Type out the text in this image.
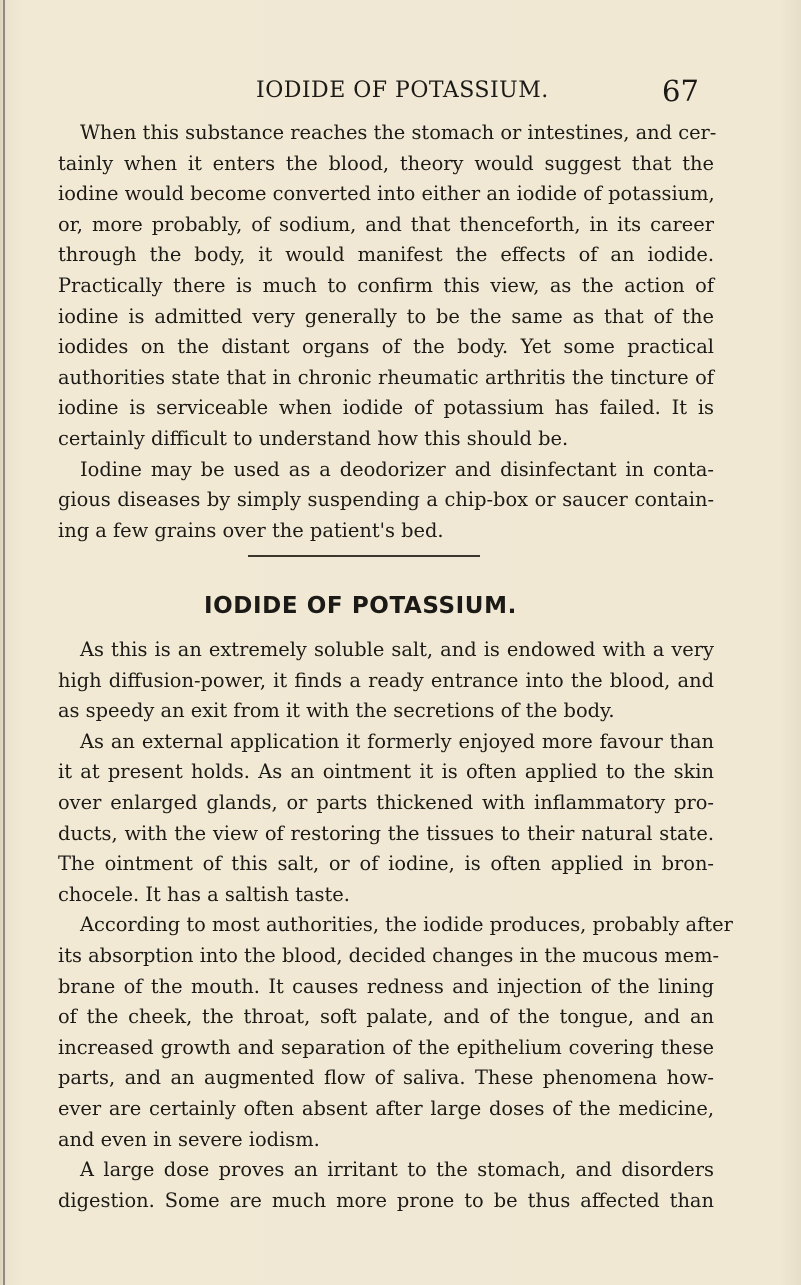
IODIDE OF POTASSIUM.	67
When this substance reaches the stomach or intestines, and cer-
tainly when it enters the blood, theory would suggest that the
iodine would become converted into either an iodide of potassium,
or, more probably, of sodium, and that thenceforth, in its career
through the body, it would manifest the effects of an iodide.
Practically there is much to confirm this view, as the action of
iodine is admitted very generally to be the same as that of the
iodides on the distant organs of the body. Yet some practical
authorities state that in chronic rheumatic arthritis the tincture of
iodine is serviceable when iodide of potassium has failed. It is
certainly difficult to understand how this should be.
Iodine may be used as a deodorizer and disinfectant in conta-
gious diseases by simply suspending a chip-box or saucer contain-
ing a few grains over the patient's bed.
IODIDE OF POTASSIUM.
As this is an extremely soluble salt, and is endowed with a very
high diffusion-power, it finds a ready entrance into the blood, and
as speedy an exit from it with the secretions of the body.
As an external application it formerly enjoyed more favour than
it at present holds. As an ointment it is often applied to the skin
over enlarged glands, or parts thickened with inflammatory pro-
ducts, with the view of restoring the tissues to their natural state.
The ointment of this salt, or of iodine, is often applied in bron-
chocele. It has a saltish taste.
According to most authorities, the iodide produces, probably after
its absorption into the blood, decided changes in the mucous mem-
brane of the mouth. It causes redness and injection of the lining
of the cheek, the throat, soft palate, and of the tongue, and an
increased growth and separation of the epithelium covering these
parts, and an augmented flow of saliva. These phenomena how-
ever are certainly often absent after large doses of the medicine,
and even in severe iodism.
A large dose proves an irritant to the stomach, and disorders
digestion. Some are much more prone to be thus affected than
